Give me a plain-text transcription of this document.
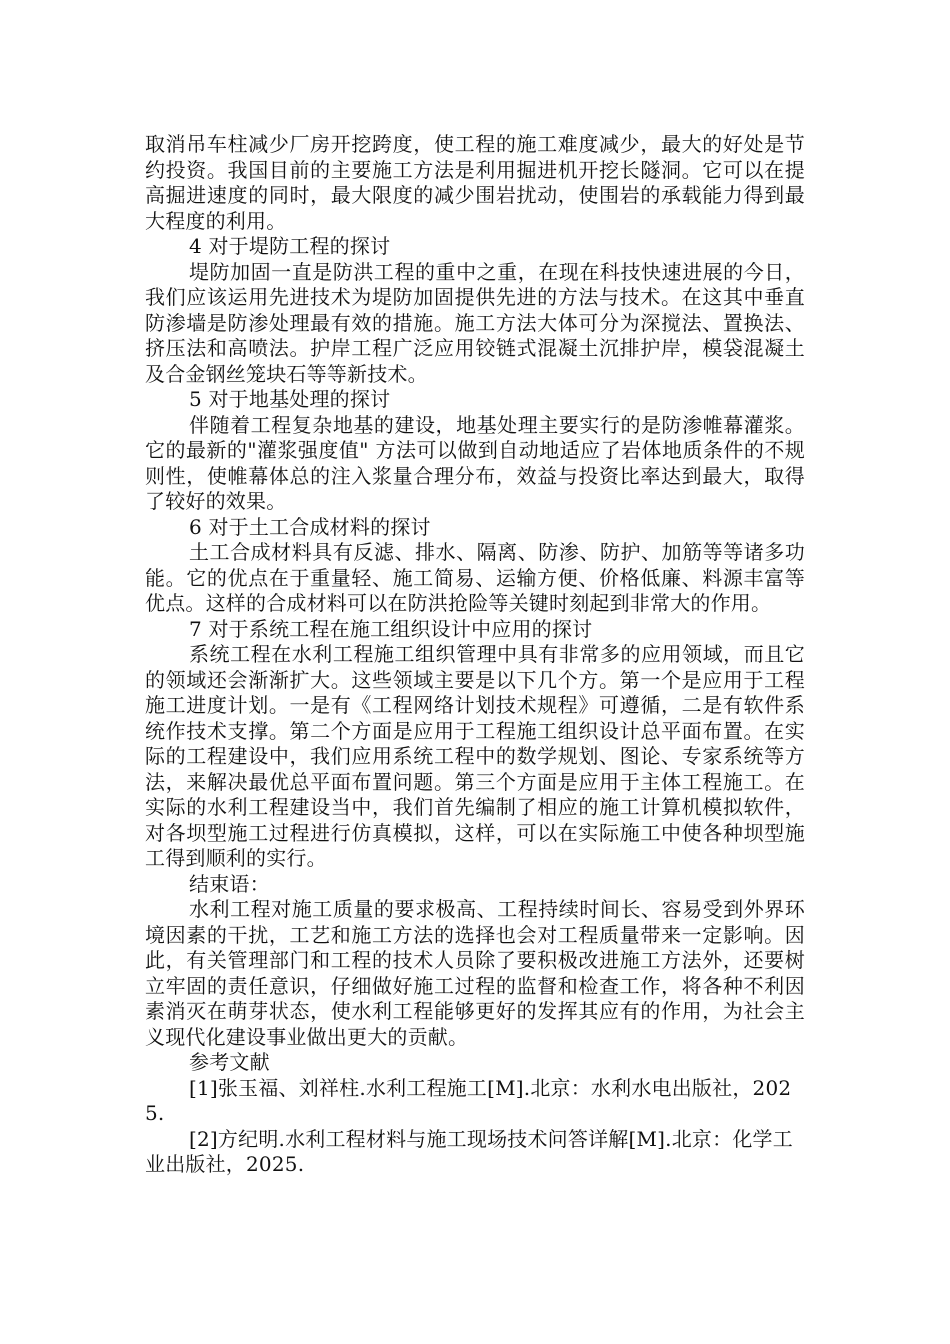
取消吊车柱减少厂房开挖跨度，使工程的施工难度减少，最大的好处是节约投资。我国目前的主要施工方法是利用掘进机开挖长隧洞。它可以在提高掘进速度的同时，最大限度的减少围岩扰动，使围岩的承载能力得到最大程度的利用。

4 对于堤防工程的探讨

堤防加固一直是防洪工程的重中之重，在现在科技快速进展的今日，我们应该运用先进技术为堤防加固提供先进的方法与技术。在这其中垂直防渗墙是防渗处理最有效的措施。施工方法大体可分为深搅法、置换法、挤压法和高喷法。护岸工程广泛应用铰链式混凝土沉排护岸，模袋混凝土及合金钢丝笼块石等等新技术。

5 对于地基处理的探讨

伴随着工程复杂地基的建设，地基处理主要实行的是防渗帷幕灌浆。它的最新的"灌浆强度值" 方法可以做到自动地适应了岩体地质条件的不规则性，使帷幕体总的注入浆量合理分布，效益与投资比率达到最大，取得了较好的效果。

6 对于土工合成材料的探讨

土工合成材料具有反滤、排水、隔离、防渗、防护、加筋等等诸多功能。它的优点在于重量轻、施工简易、运输方便、价格低廉、料源丰富等优点。这样的合成材料可以在防洪抢险等关键时刻起到非常大的作用。

7 对于系统工程在施工组织设计中应用的探讨

系统工程在水利工程施工组织管理中具有非常多的应用领域，而且它的领域还会渐渐扩大。这些领域主要是以下几个方。第一个是应用于工程施工进度计划。一是有《工程网络计划技术规程》可遵循，二是有软件系统作技术支撑。第二个方面是应用于工程施工组织设计总平面布置。在实际的工程建设中，我们应用系统工程中的数学规划、图论、专家系统等方法，来解决最优总平面布置问题。第三个方面是应用于主体工程施工。在实际的水利工程建设当中，我们首先编制了相应的施工计算机模拟软件，对各坝型施工过程进行仿真模拟，这样，可以在实际施工中使各种坝型施工得到顺利的实行。

结束语：

水利工程对施工质量的要求极高、工程持续时间长、容易受到外界环境因素的干扰，工艺和施工方法的选择也会对工程质量带来一定影响。因此，有关管理部门和工程的技术人员除了要积极改进施工方法外，还要树立牢固的责任意识，仔细做好施工过程的监督和检查工作，将各种不利因素消灭在萌芽状态，使水利工程能够更好的发挥其应有的作用，为社会主义现代化建设事业做出更大的贡献。

参考文献

[1]张玉福、刘祥柱.水利工程施工[M].北京：水利水电出版社，2025.

[2]方纪明.水利工程材料与施工现场技术问答详解[M].北京：化学工业出版社，2025.
